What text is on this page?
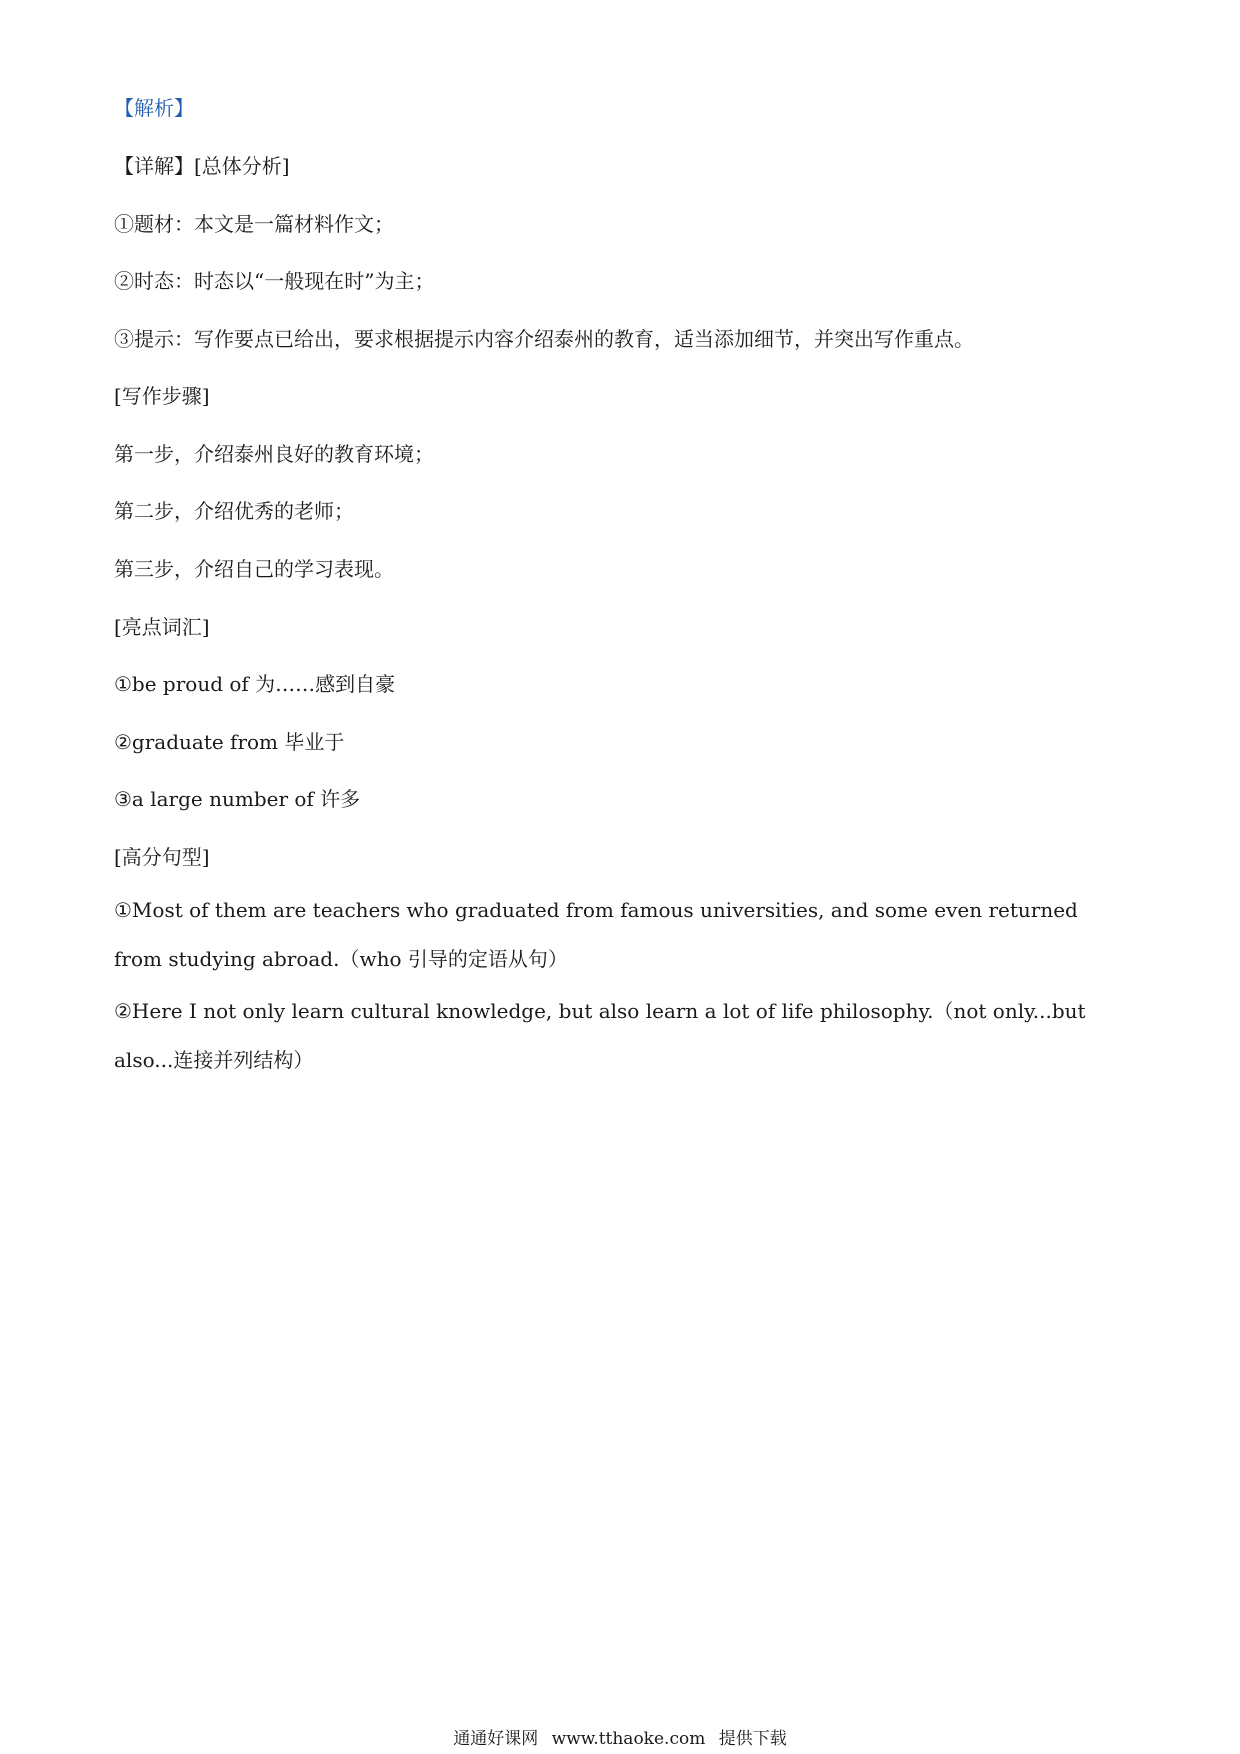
【解析】
【详解】[总体分析]
①题材：本文是一篇材料作文；
②时态：时态以“一般现在时”为主；
③提示：写作要点已给出，要求根据提示内容介绍泰州的教育，适当添加细节，并突出写作重点。
[写作步骤]
第一步，介绍泰州良好的教育环境；
第二步，介绍优秀的老师；
第三步，介绍自己的学习表现。
[亮点词汇]
①be proud of 为……感到自豪
②graduate from 毕业于
③a large number of 许多
[高分句型]
①Most of them are teachers who graduated from famous universities, and some even returned from studying abroad.（who 引导的定语从句）
②Here I not only learn cultural knowledge, but also learn a lot of life philosophy.（not only...but also...连接并列结构）
通通好课网 www.tthaoke.com 提供下载
